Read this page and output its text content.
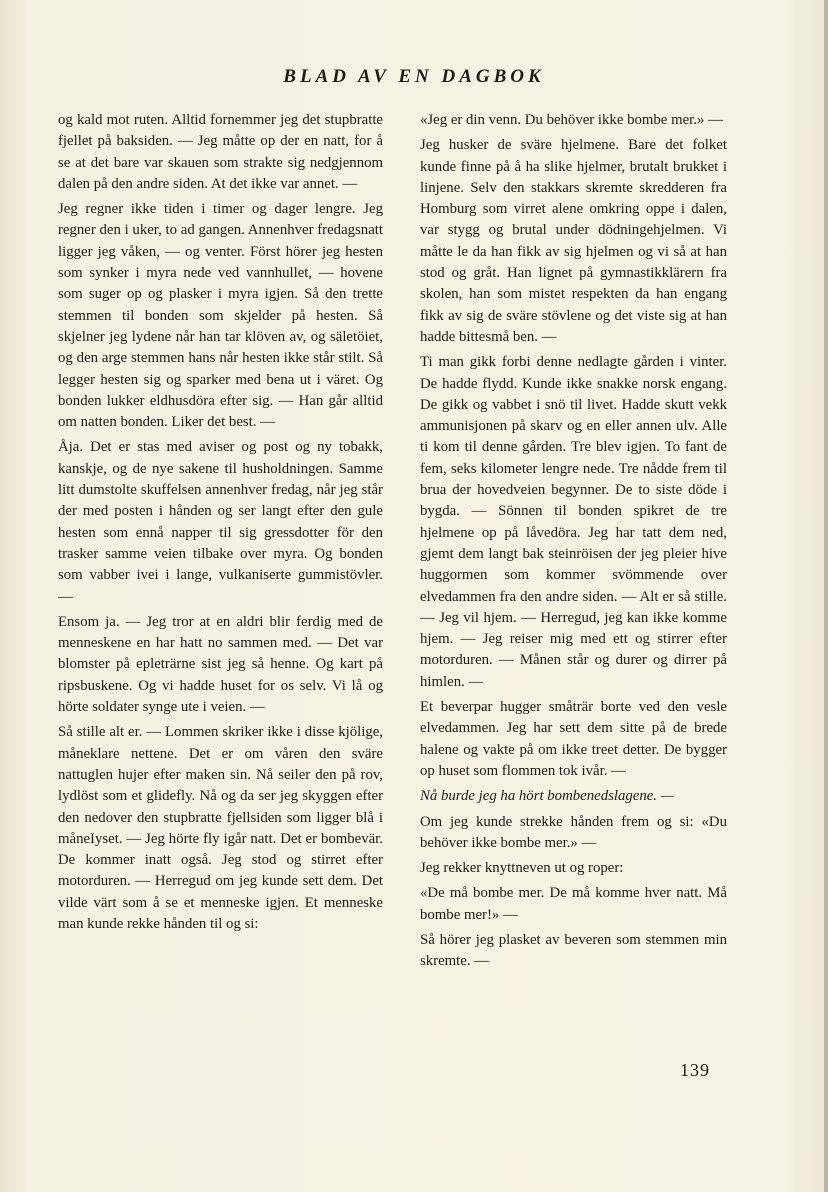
BLAD AV EN DAGBOK

og kald mot ruten. Alltid fornemmer jeg det stupbratte fjellet på baksiden. — Jeg måtte op der en natt, for å se at det bare var skauen som strakte sig nedgjennom dalen på den andre siden. At det ikke var annet. —

Jeg regner ikke tiden i timer og dager lengre. Jeg regner den i uker, to ad gangen. Annenhver fredagsnatt ligger jeg våken, — og venter. Först hörer jeg hesten som synker i myra nede ved vannhullet, — hovene som suger op og plasker i myra igjen. Så den trette stemmen til bonden som skjelder på hesten. Så skjelner jeg lydene når han tar klöven av, og säletöiet, og den arge stemmen hans når hesten ikke står stilt. Så legger hesten sig og sparker med bena ut i väret. Og bonden lukker eldhusdöra efter sig. — Han går alltid om natten bonden. Liker det best. —

Åja. Det er stas med aviser og post og ny tobakk, kanskje, og de nye sakene til husholdningen. Samme litt dumstolte skuffelsen annenhver fredag, når jeg står der med posten i hånden og ser langt efter den gule hesten som ennå napper til sig gressdotter för den trasker samme veien tilbake over myra. Og bonden som vabber ivei i lange, vulkaniserte gummistövler. —

Ensom ja. — Jeg tror at en aldri blir ferdig med de menneskene en har hatt no sammen med. — Det var blomster på epleträrne sist jeg så henne. Og kart på ripsbuskene. Og vi hadde huset for os selv. Vi lå og hörte soldater synge ute i veien. —

Så stille alt er. — Lommen skriker ikke i disse kjölige, måneklare nettene. Det er om våren den sväre nattuglen hujer efter maken sin. Nå seiler den på rov, lydlöst som et glidefly. Nå og da ser jeg skyggen efter den nedover den stupbratte fjellsiden som ligger blå i måneIyset. — Jeg hörte fly igår natt. Det er bombevär. De kommer inatt også. Jeg stod og stirret efter motorduren. — Herregud om jeg kunde sett dem. Det vilde värt som å se et menneske igjen. Et menneske man kunde rekke hånden til og si:

«Jeg er din venn. Du behöver ikke bombe mer.» —

Jeg husker de sväre hjelmene. Bare det folket kunde finne på å ha slike hjelmer, brutalt brukket i linjene. Selv den stakkars skremte skredderen fra Homburg som virret alene omkring oppe i dalen, var stygg og brutal under dödningehjelmen. Vi måtte le da han fikk av sig hjelmen og vi så at han stod og gråt. Han lignet på gymnastikklärern fra skolen, han som mistet respekten da han engang fikk av sig de sväre stövlene og det viste sig at han hadde bittesmå ben. —

Ti man gikk forbi denne nedlagte gården i vinter. De hadde flydd. Kunde ikke snakke norsk engang. De gikk og vabbet i snö til livet. Hadde skutt vekk ammunisjonen på skarv og en eller annen ulv. Alle ti kom til denne gården. Tre blev igjen. To fant de fem, seks kilometer lengre nede. Tre nådde frem til brua der hovedveien begynner. De to siste döde i bygda. — Sönnen til bonden spikret de tre hjelmene op på låvedöra. Jeg har tatt dem ned, gjemt dem langt bak steinröisen der jeg pleier hive huggormen som kommer svömmende over elvedammen fra den andre siden. — Alt er så stille. — Jeg vil hjem. — Herregud, jeg kan ikke komme hjem. — Jeg reiser mig med ett og stirrer efter motorduren. — Månen står og durer og dirrer på himlen. —

Et beverpar hugger småträr borte ved den vesle elvedammen. Jeg har sett dem sitte på de brede halene og vakte på om ikke treet detter. De bygger op huset som flommen tok ivår. —

Nå burde jeg ha hört bombenedslagene. —

Om jeg kunde strekke hånden frem og si: «Du behöver ikke bombe mer.» —

Jeg rekker knyttneven ut og roper:

«De må bombe mer. De må komme hver natt. Må bombe mer!» —

Så hörer jeg plasket av beveren som stemmen min skremte. —

139
